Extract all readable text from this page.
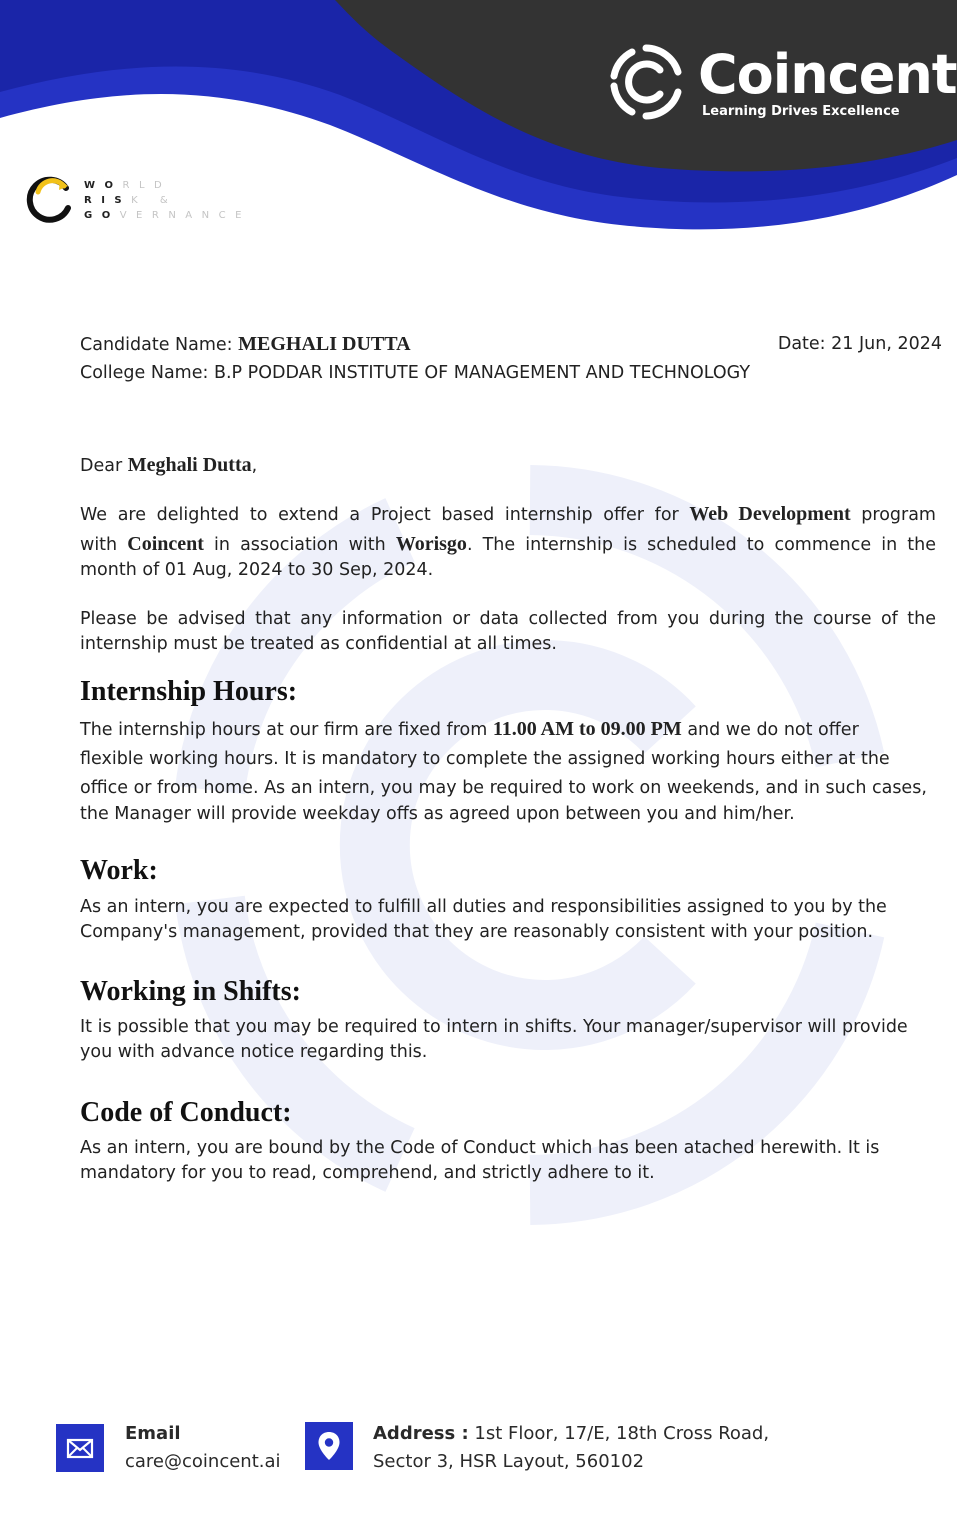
Coincent
Learning Drives Excellence
WORLD
RISK &
GOVERNANCE
Candidate Name: MEGHALI DUTTA	Date: 21 Jun, 2024
College Name: B.P PODDAR INSTITUTE OF MANAGEMENT AND TECHNOLOGY
Dear Meghali Dutta,
We are delighted to extend a Project based internship offer for Web Development program
with Coincent in association with Worisgo. The internship is scheduled to commence in the
month of 01 Aug, 2024 to 30 Sep, 2024.
Please be advised that any information or data collected from you during the course of the
internship must be treated as confidential at all times.
Internship Hours:
The internship hours at our firm are fixed from 11.00 AM to 09.00 PM and we do not offer
flexible working hours. It is mandatory to complete the assigned working hours either at the
office or from home. As an intern, you may be required to work on weekends, and in such cases,
the Manager will provide weekday offs as agreed upon between you and him/her.
Work:
As an intern, you are expected to fulfill all duties and responsibilities assigned to you by the
Company's management, provided that they are reasonably consistent with your position.
Working in Shifts:
It is possible that you may be required to intern in shifts. Your manager/supervisor will provide
you with advance notice regarding this.
Code of Conduct:
As an intern, you are bound by the Code of Conduct which has been atached herewith. It is
mandatory for you to read, comprehend, and strictly adhere to it.
Email
care@coincent.ai
Address : 1st Floor, 17/E, 18th Cross Road,
Sector 3, HSR Layout, 560102
